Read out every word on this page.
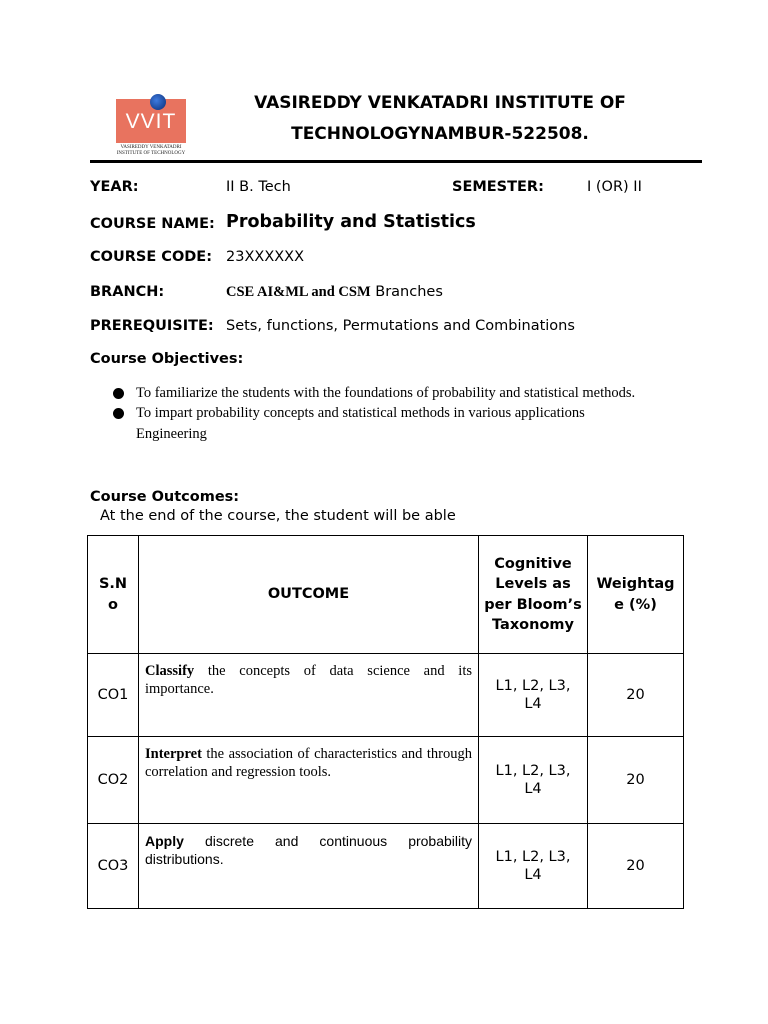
VVIT
VASIREDDY VENKATADRI
INSTITUTE OF TECHNOLOGY
VASIREDDY VENKATADRI INSTITUTE OF
TECHNOLOGYNAMBUR-522508.
YEAR:	II B. Tech	SEMESTER:	I (OR) II
COURSE NAME: Probability and Statistics
COURSE CODE: 23XXXXXX
BRANCH:	CSE AI&ML and CSM Branches
PREREQUISITE: Sets, functions, Permutations and Combinations
Course Objectives:
To familiarize the students with the foundations of probability and statistical methods.
To impart probability concepts and statistical methods in various applications Engineering
Course Outcomes:
At the end of the course, the student will be able
S.No	OUTCOME	Cognitive Levels as per Bloom’s Taxonomy	Weightage (%)

CO1	Classify the concepts of data science and its importance.	L1, L2, L3, L4	20
CO2	Interpret the association of characteristics and through correlation and regression tools.	L1, L2, L3, L4	20
CO3	Apply discrete and continuous probability distributions.	L1, L2, L3, L4	20
